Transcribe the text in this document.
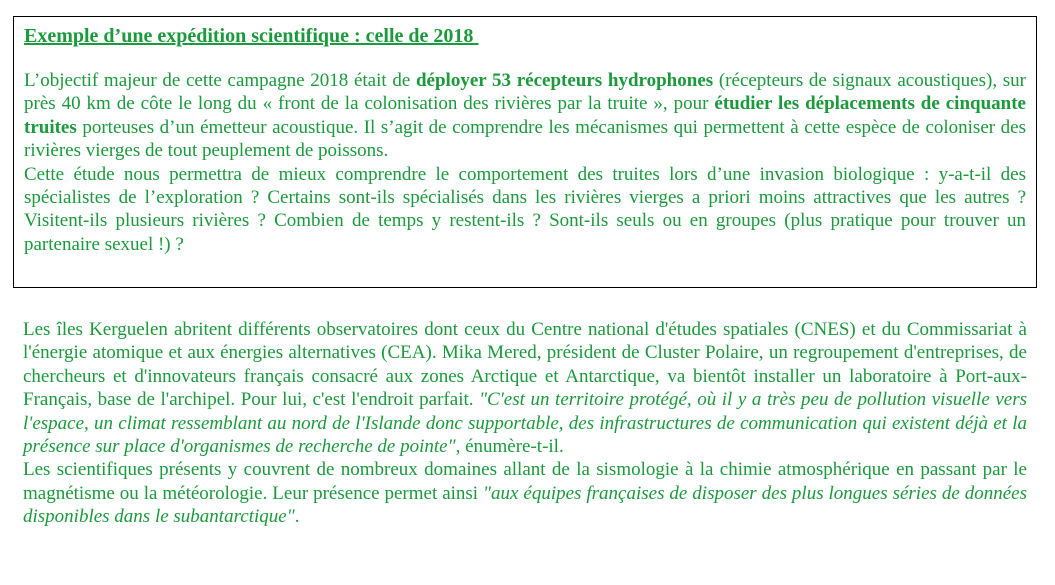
Exemple d’une expédition scientifique : celle de 2018

L’objectif majeur de cette campagne 2018 était de déployer 53 récepteurs hydrophones (récepteurs de signaux acoustiques), sur près 40 km de côte le long du « front de la colonisation des rivières par la truite », pour étudier les déplacements de cinquante truites porteuses d’un émetteur acoustique. Il s’agit de comprendre les mécanismes qui permettent à cette espèce de coloniser des rivières vierges de tout peuplement de poissons.

Cette étude nous permettra de mieux comprendre le comportement des truites lors d’une invasion biologique : y-a-t-il des spécialistes de l’exploration ? Certains sont-ils spécialisés dans les rivières vierges a priori moins attractives que les autres ? Visitent-ils plusieurs rivières ? Combien de temps y restent-ils ? Sont-ils seuls ou en groupes (plus pratique pour trouver un partenaire sexuel !) ?

Les îles Kerguelen abritent différents observatoires dont ceux du Centre national d'études spatiales (CNES) et du Commissariat à l'énergie atomique et aux énergies alternatives (CEA). Mika Mered, président de Cluster Polaire, un regroupement d'entreprises, de chercheurs et d'innovateurs français consacré aux zones Arctique et Antarctique, va bientôt installer un laboratoire à Port-aux-Français, base de l'archipel. Pour lui, c'est l'endroit parfait. "C'est un territoire protégé, où il y a très peu de pollution visuelle vers l'espace, un climat ressemblant au nord de l'Islande donc supportable, des infrastructures de communication qui existent déjà et la présence sur place d'organismes de recherche de pointe", énumère-t-il.

Les scientifiques présents y couvrent de nombreux domaines allant de la sismologie à la chimie atmosphérique en passant par le magnétisme ou la météorologie. Leur présence permet ainsi "aux équipes françaises de disposer des plus longues séries de données disponibles dans le subantarctique".
